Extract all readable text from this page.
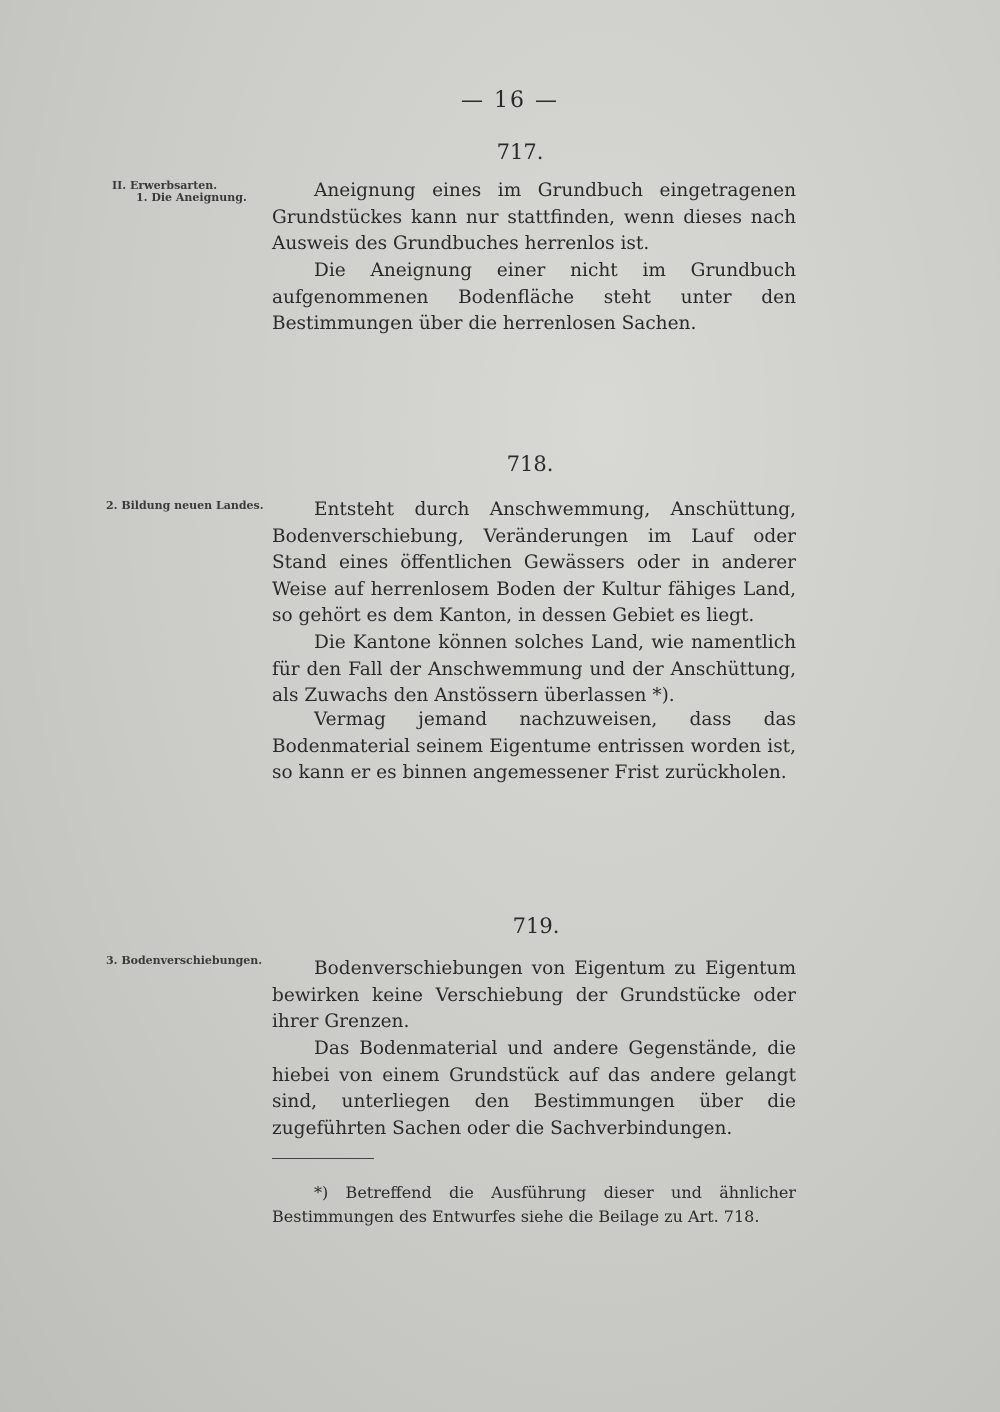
— 16 —
717.
II. Erwerbsarten.
1. Die Aneignung.	Aneignung eines im Grundbuch eingetragenen Grundstückes kann nur stattfinden, wenn dieses nach Ausweis des Grundbuches herrenlos ist.

Die Aneignung einer nicht im Grundbuch aufgenommenen Bodenfläche steht unter den Bestimmungen über die herrenlosen Sachen.

718.
2. Bildung neuen Landes.	Entsteht durch Anschwemmung, Anschüttung, Bodenverschiebung, Veränderungen im Lauf oder Stand eines öffentlichen Gewässers oder in anderer Weise auf herrenlosem Boden der Kultur fähiges Land, so gehört es dem Kanton, in dessen Gebiet es liegt.

Die Kantone können solches Land, wie namentlich für den Fall der Anschwemmung und der Anschüttung, als Zuwachs den Anstössern überlassen *).

Vermag jemand nachzuweisen, dass das Bodenmaterial seinem Eigentume entrissen worden ist, so kann er es binnen angemessener Frist zurückholen.

719.
3. Bodenverschiebungen.	Bodenverschiebungen von Eigentum zu Eigentum bewirken keine Verschiebung der Grundstücke oder ihrer Grenzen.

Das Bodenmaterial und andere Gegenstände, die hiebei von einem Grundstück auf das andere gelangt sind, unterliegen den Bestimmungen über die zugeführten Sachen oder die Sachverbindungen.

*) Betreffend die Ausführung dieser und ähnlicher Bestimmungen des Entwurfes siehe die Beilage zu Art. 718.
